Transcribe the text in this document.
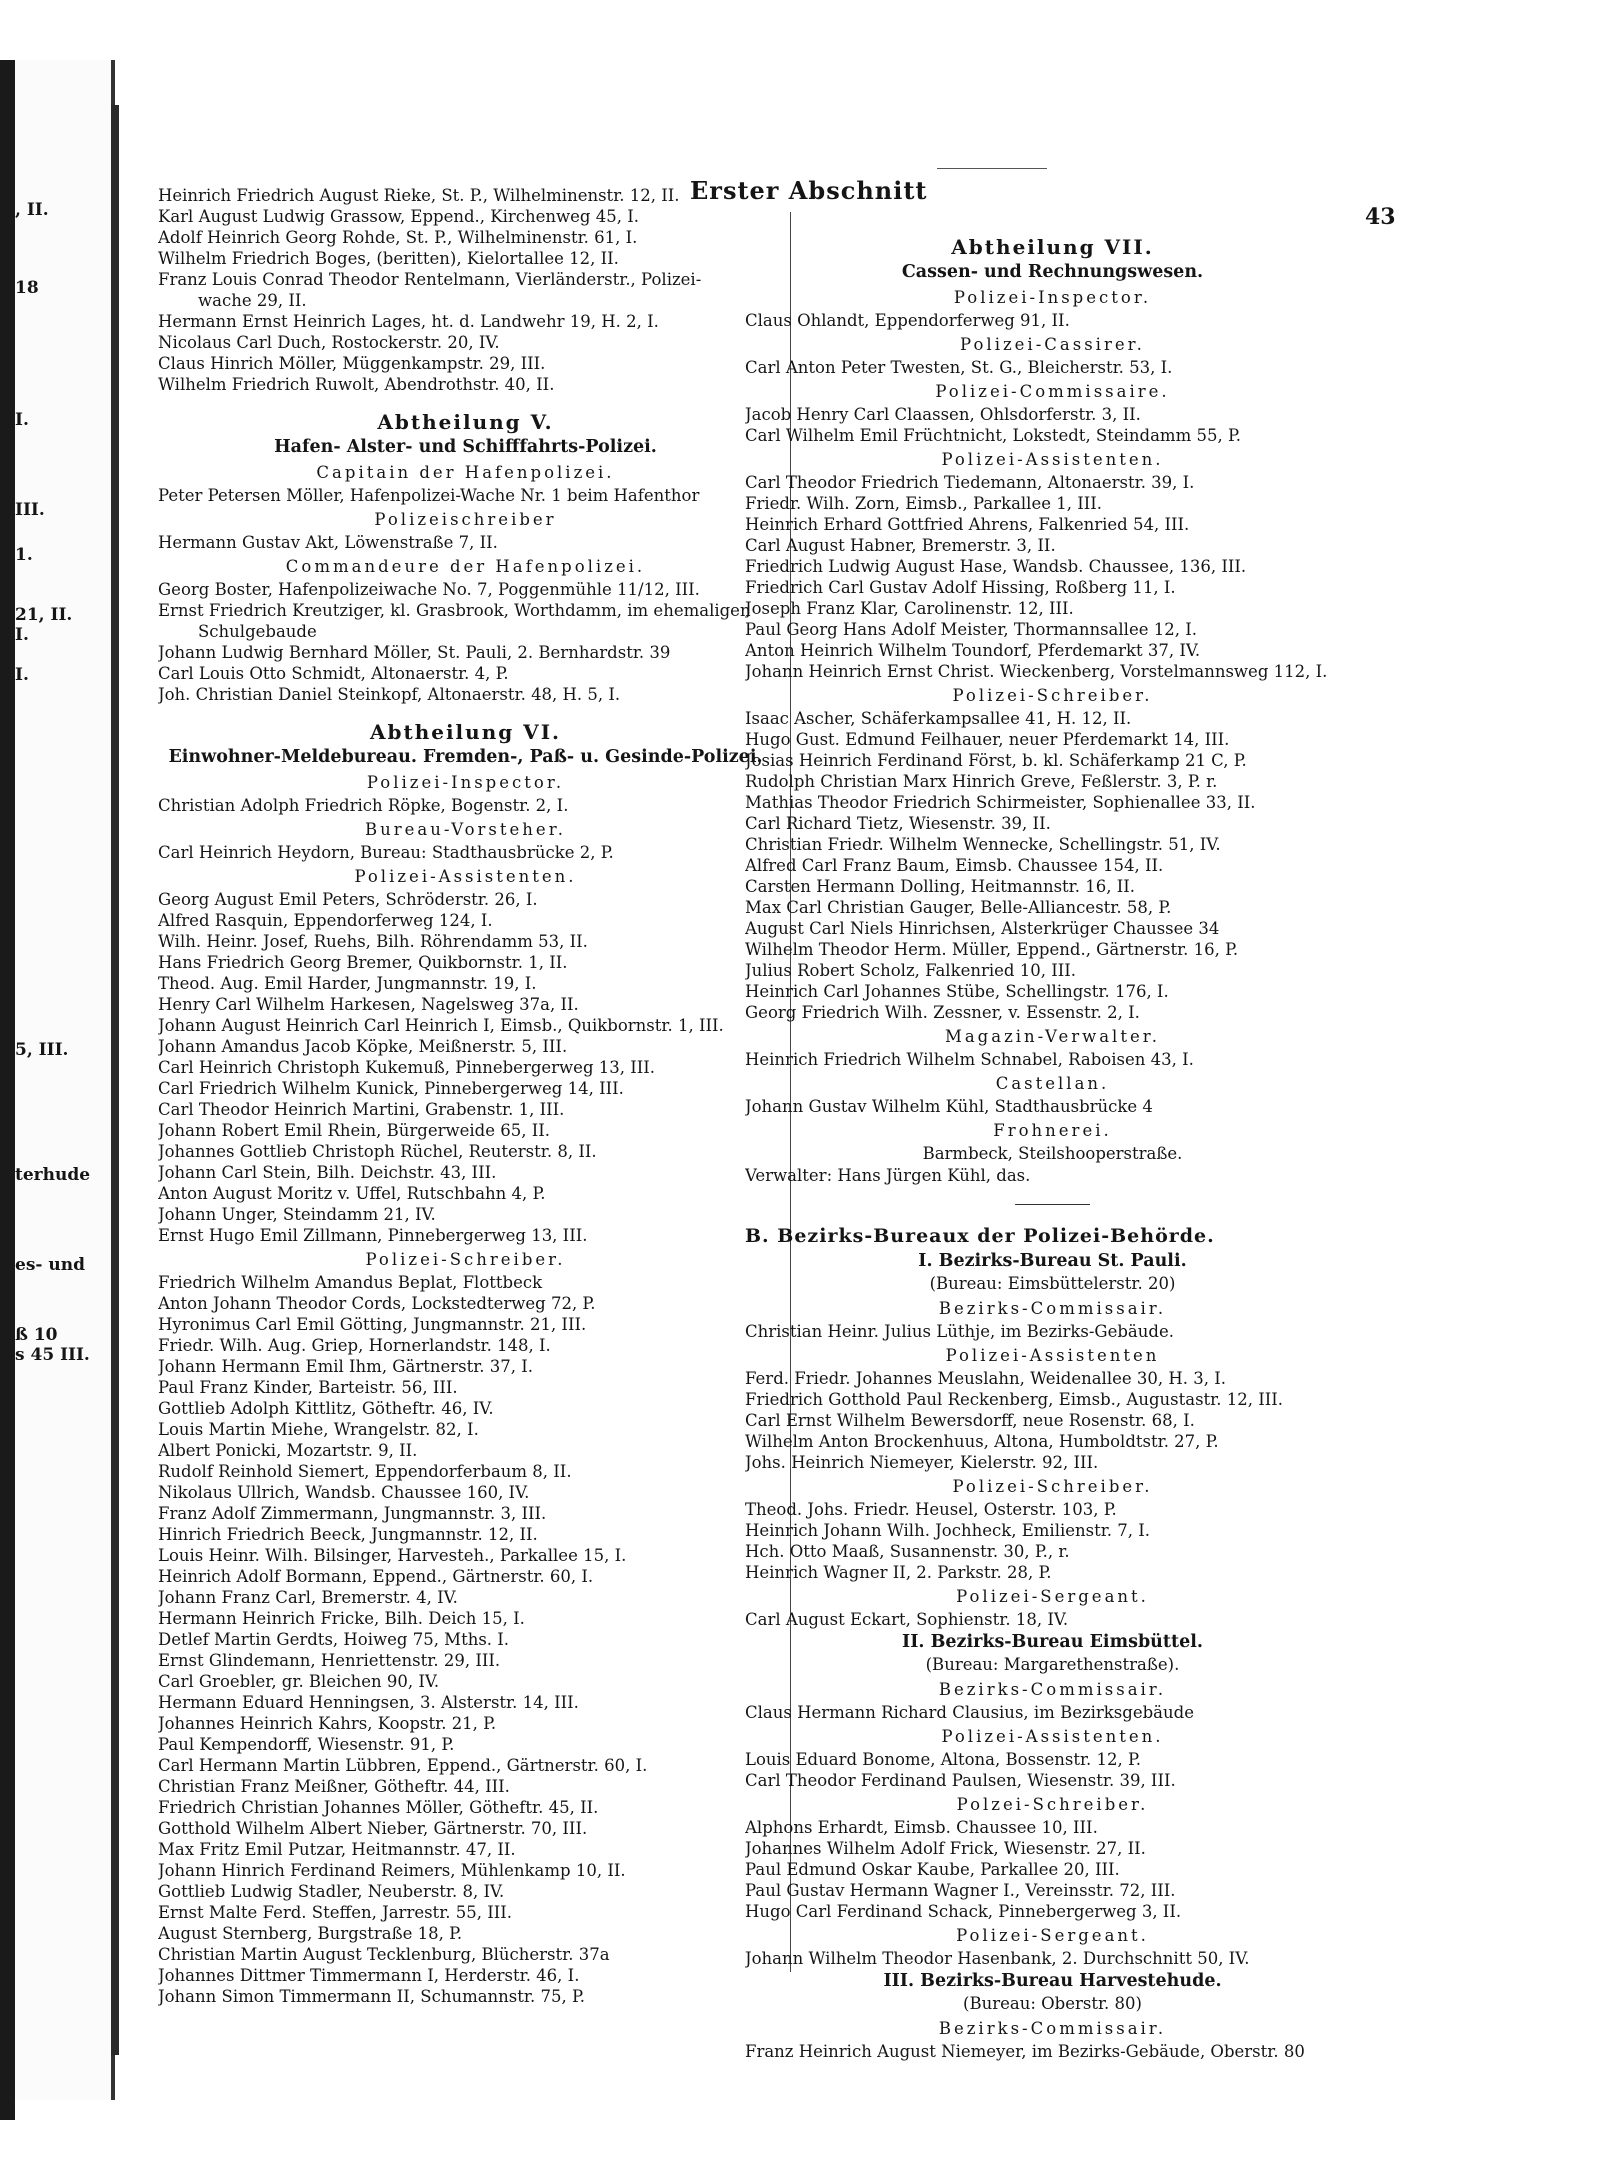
, II.
18
I.
III.
1.
21, II.
I.
I.
5, III.
terhude
es- und
ß 10
s 45 III.
Erster Abschnitt
43
Heinrich Friedrich August Rieke, St. P., Wilhelminenstr. 12, II.
Karl August Ludwig Grassow, Eppend., Kirchenweg 45, I.
Adolf Heinrich Georg Rohde, St. P., Wilhelminenstr. 61, I.
Wilhelm Friedrich Boges, (beritten), Kielortallee 12, II.
Franz Louis Conrad Theodor Rentelmann, Vierländerstr., Polizei-
wache 29, II.
Hermann Ernst Heinrich Lages, ht. d. Landwehr 19, H. 2, I.
Nicolaus Carl Duch, Rostockerstr. 20, IV.
Claus Hinrich Möller, Müggenkampstr. 29, III.
Wilhelm Friedrich Ruwolt, Abendrothstr. 40, II.
Abtheilung V.
Hafen- Alster- und Schifffahrts-Polizei.
Capitain der Hafenpolizei.
Peter Petersen Möller, Hafenpolizei-Wache Nr. 1 beim Hafenthor
Polizeischreiber
Hermann Gustav Akt, Löwenstraße 7, II.
Commandeure der Hafenpolizei.
Georg Boster, Hafenpolizeiwache No. 7, Poggenmühle 11/12, III.
Ernst Friedrich Kreutziger, kl. Grasbrook, Worthdamm, im ehemaligen
Schulgebaude
Johann Ludwig Bernhard Möller, St. Pauli, 2. Bernhardstr. 39
Carl Louis Otto Schmidt, Altonaerstr. 4, P.
Joh. Christian Daniel Steinkopf, Altonaerstr. 48, H. 5, I.
Abtheilung VI.
Einwohner-Meldebureau. Fremden-, Paß- u. Gesinde-Polizei.
Polizei-Inspector.
Christian Adolph Friedrich Röpke, Bogenstr. 2, I.
Bureau-Vorsteher.
Carl Heinrich Heydorn, Bureau: Stadthausbrücke 2, P.
Polizei-Assistenten.
Georg August Emil Peters, Schröderstr. 26, I.
Alfred Rasquin, Eppendorferweg 124, I.
Wilh. Heinr. Josef, Ruehs, Bilh. Röhrendamm 53, II.
Hans Friedrich Georg Bremer, Quikbornstr. 1, II.
Theod. Aug. Emil Harder, Jungmannstr. 19, I.
Henry Carl Wilhelm Harkesen, Nagelsweg 37a, II.
Johann August Heinrich Carl Heinrich I, Eimsb., Quikbornstr. 1, III.
Johann Amandus Jacob Köpke, Meißnerstr. 5, III.
Carl Heinrich Christoph Kukemuß, Pinnebergerweg 13, III.
Carl Friedrich Wilhelm Kunick, Pinnebergerweg 14, III.
Carl Theodor Heinrich Martini, Grabenstr. 1, III.
Johann Robert Emil Rhein, Bürgerweide 65, II.
Johannes Gottlieb Christoph Rüchel, Reuterstr. 8, II.
Johann Carl Stein, Bilh. Deichstr. 43, III.
Anton August Moritz v. Uffel, Rutschbahn 4, P.
Johann Unger, Steindamm 21, IV.
Ernst Hugo Emil Zillmann, Pinnebergerweg 13, III.
Polizei-Schreiber.
Friedrich Wilhelm Amandus Beplat, Flottbeck
Anton Johann Theodor Cords, Lockstedterweg 72, P.
Hyronimus Carl Emil Götting, Jungmannstr. 21, III.
Friedr. Wilh. Aug. Griep, Hornerlandstr. 148, I.
Johann Hermann Emil Ihm, Gärtnerstr. 37, I.
Paul Franz Kinder, Barteistr. 56, III.
Gottlieb Adolph Kittlitz, Götheftr. 46, IV.
Louis Martin Miehe, Wrangelstr. 82, I.
Albert Ponicki, Mozartstr. 9, II.
Rudolf Reinhold Siemert, Eppendorferbaum 8, II.
Nikolaus Ullrich, Wandsb. Chaussee 160, IV.
Franz Adolf Zimmermann, Jungmannstr. 3, III.
Hinrich Friedrich Beeck, Jungmannstr. 12, II.
Louis Heinr. Wilh. Bilsinger, Harvesteh., Parkallee 15, I.
Heinrich Adolf Bormann, Eppend., Gärtnerstr. 60, I.
Johann Franz Carl, Bremerstr. 4, IV.
Hermann Heinrich Fricke, Bilh. Deich 15, I.
Detlef Martin Gerdts, Hoiweg 75, Mths. I.
Ernst Glindemann, Henriettenstr. 29, III.
Carl Groebler, gr. Bleichen 90, IV.
Hermann Eduard Henningsen, 3. Alsterstr. 14, III.
Johannes Heinrich Kahrs, Koopstr. 21, P.
Paul Kempendorff, Wiesenstr. 91, P.
Carl Hermann Martin Lübbren, Eppend., Gärtnerstr. 60, I.
Christian Franz Meißner, Götheftr. 44, III.
Friedrich Christian Johannes Möller, Götheftr. 45, II.
Gotthold Wilhelm Albert Nieber, Gärtnerstr. 70, III.
Max Fritz Emil Putzar, Heitmannstr. 47, II.
Johann Hinrich Ferdinand Reimers, Mühlenkamp 10, II.
Gottlieb Ludwig Stadler, Neuberstr. 8, IV.
Ernst Malte Ferd. Steffen, Jarrestr. 55, III.
August Sternberg, Burgstraße 18, P.
Christian Martin August Tecklenburg, Blücherstr. 37a
Johannes Dittmer Timmermann I, Herderstr. 46, I.
Johann Simon Timmermann II, Schumannstr. 75, P.
Abtheilung VII.
Cassen- und Rechnungswesen.
Polizei-Inspector.
Claus Ohlandt, Eppendorferweg 91, II.
Polizei-Cassirer.
Carl Anton Peter Twesten, St. G., Bleicherstr. 53, I.
Polizei-Commissaire.
Jacob Henry Carl Claassen, Ohlsdorferstr. 3, II.
Carl Wilhelm Emil Früchtnicht, Lokstedt, Steindamm 55, P.
Polizei-Assistenten.
Carl Theodor Friedrich Tiedemann, Altonaerstr. 39, I.
Friedr. Wilh. Zorn, Eimsb., Parkallee 1, III.
Heinrich Erhard Gottfried Ahrens, Falkenried 54, III.
Carl August Habner, Bremerstr. 3, II.
Friedrich Ludwig August Hase, Wandsb. Chaussee, 136, III.
Friedrich Carl Gustav Adolf Hissing, Roßberg 11, I.
Joseph Franz Klar, Carolinenstr. 12, III.
Paul Georg Hans Adolf Meister, Thormannsallee 12, I.
Anton Heinrich Wilhelm Toundorf, Pferdemarkt 37, IV.
Johann Heinrich Ernst Christ. Wieckenberg, Vorstelmannsweg 112, I.
Polizei-Schreiber.
Isaac Ascher, Schäferkampsallee 41, H. 12, II.
Hugo Gust. Edmund Feilhauer, neuer Pferdemarkt 14, III.
Josias Heinrich Ferdinand Först, b. kl. Schäferkamp 21 C, P.
Rudolph Christian Marx Hinrich Greve, Feßlerstr. 3, P. r.
Mathias Theodor Friedrich Schirmeister, Sophienallee 33, II.
Carl Richard Tietz, Wiesenstr. 39, II.
Christian Friedr. Wilhelm Wennecke, Schellingstr. 51, IV.
Alfred Carl Franz Baum, Eimsb. Chaussee 154, II.
Carsten Hermann Dolling, Heitmannstr. 16, II.
Max Carl Christian Gauger, Belle-Alliancestr. 58, P.
August Carl Niels Hinrichsen, Alsterkrüger Chaussee 34
Wilhelm Theodor Herm. Müller, Eppend., Gärtnerstr. 16, P.
Julius Robert Scholz, Falkenried 10, III.
Heinrich Carl Johannes Stübe, Schellingstr. 176, I.
Georg Friedrich Wilh. Zessner, v. Essenstr. 2, I.
Magazin-Verwalter.
Heinrich Friedrich Wilhelm Schnabel, Raboisen 43, I.
Castellan.
Johann Gustav Wilhelm Kühl, Stadthausbrücke 4
Frohnerei.
Barmbeck, Steilshooperstraße.
Verwalter: Hans Jürgen Kühl, das.
B. Bezirks-Bureaux der Polizei-Behörde.
I. Bezirks-Bureau St. Pauli.
(Bureau: Eimsbüttelerstr. 20)
Bezirks-Commissair.
Christian Heinr. Julius Lüthje, im Bezirks-Gebäude.
Polizei-Assistenten
Ferd. Friedr. Johannes Meuslahn, Weidenallee 30, H. 3, I.
Friedrich Gotthold Paul Reckenberg, Eimsb., Augustastr. 12, III.
Carl Ernst Wilhelm Bewersdorff, neue Rosenstr. 68, I.
Wilhelm Anton Brockenhuus, Altona, Humboldtstr. 27, P.
Johs. Heinrich Niemeyer, Kielerstr. 92, III.
Polizei-Schreiber.
Theod. Johs. Friedr. Heusel, Osterstr. 103, P.
Heinrich Johann Wilh. Jochheck, Emilienstr. 7, I.
Hch. Otto Maaß, Susannenstr. 30, P., r.
Heinrich Wagner II, 2. Parkstr. 28, P.
Polizei-Sergeant.
Carl August Eckart, Sophienstr. 18, IV.
II. Bezirks-Bureau Eimsbüttel.
(Bureau: Margarethenstraße).
Bezirks-Commissair.
Claus Hermann Richard Clausius, im Bezirksgebäude
Polizei-Assistenten.
Louis Eduard Bonome, Altona, Bossenstr. 12, P.
Carl Theodor Ferdinand Paulsen, Wiesenstr. 39, III.
Polzei-Schreiber.
Alphons Erhardt, Eimsb. Chaussee 10, III.
Johannes Wilhelm Adolf Frick, Wiesenstr. 27, II.
Paul Edmund Oskar Kaube, Parkallee 20, III.
Paul Gustav Hermann Wagner I., Vereinsstr. 72, III.
Hugo Carl Ferdinand Schack, Pinnebergerweg 3, II.
Polizei-Sergeant.
Johann Wilhelm Theodor Hasenbank, 2. Durchschnitt 50, IV.
III. Bezirks-Bureau Harvestehude.
(Bureau: Oberstr. 80)
Bezirks-Commissair.
Franz Heinrich August Niemeyer, im Bezirks-Gebäude, Oberstr. 80
